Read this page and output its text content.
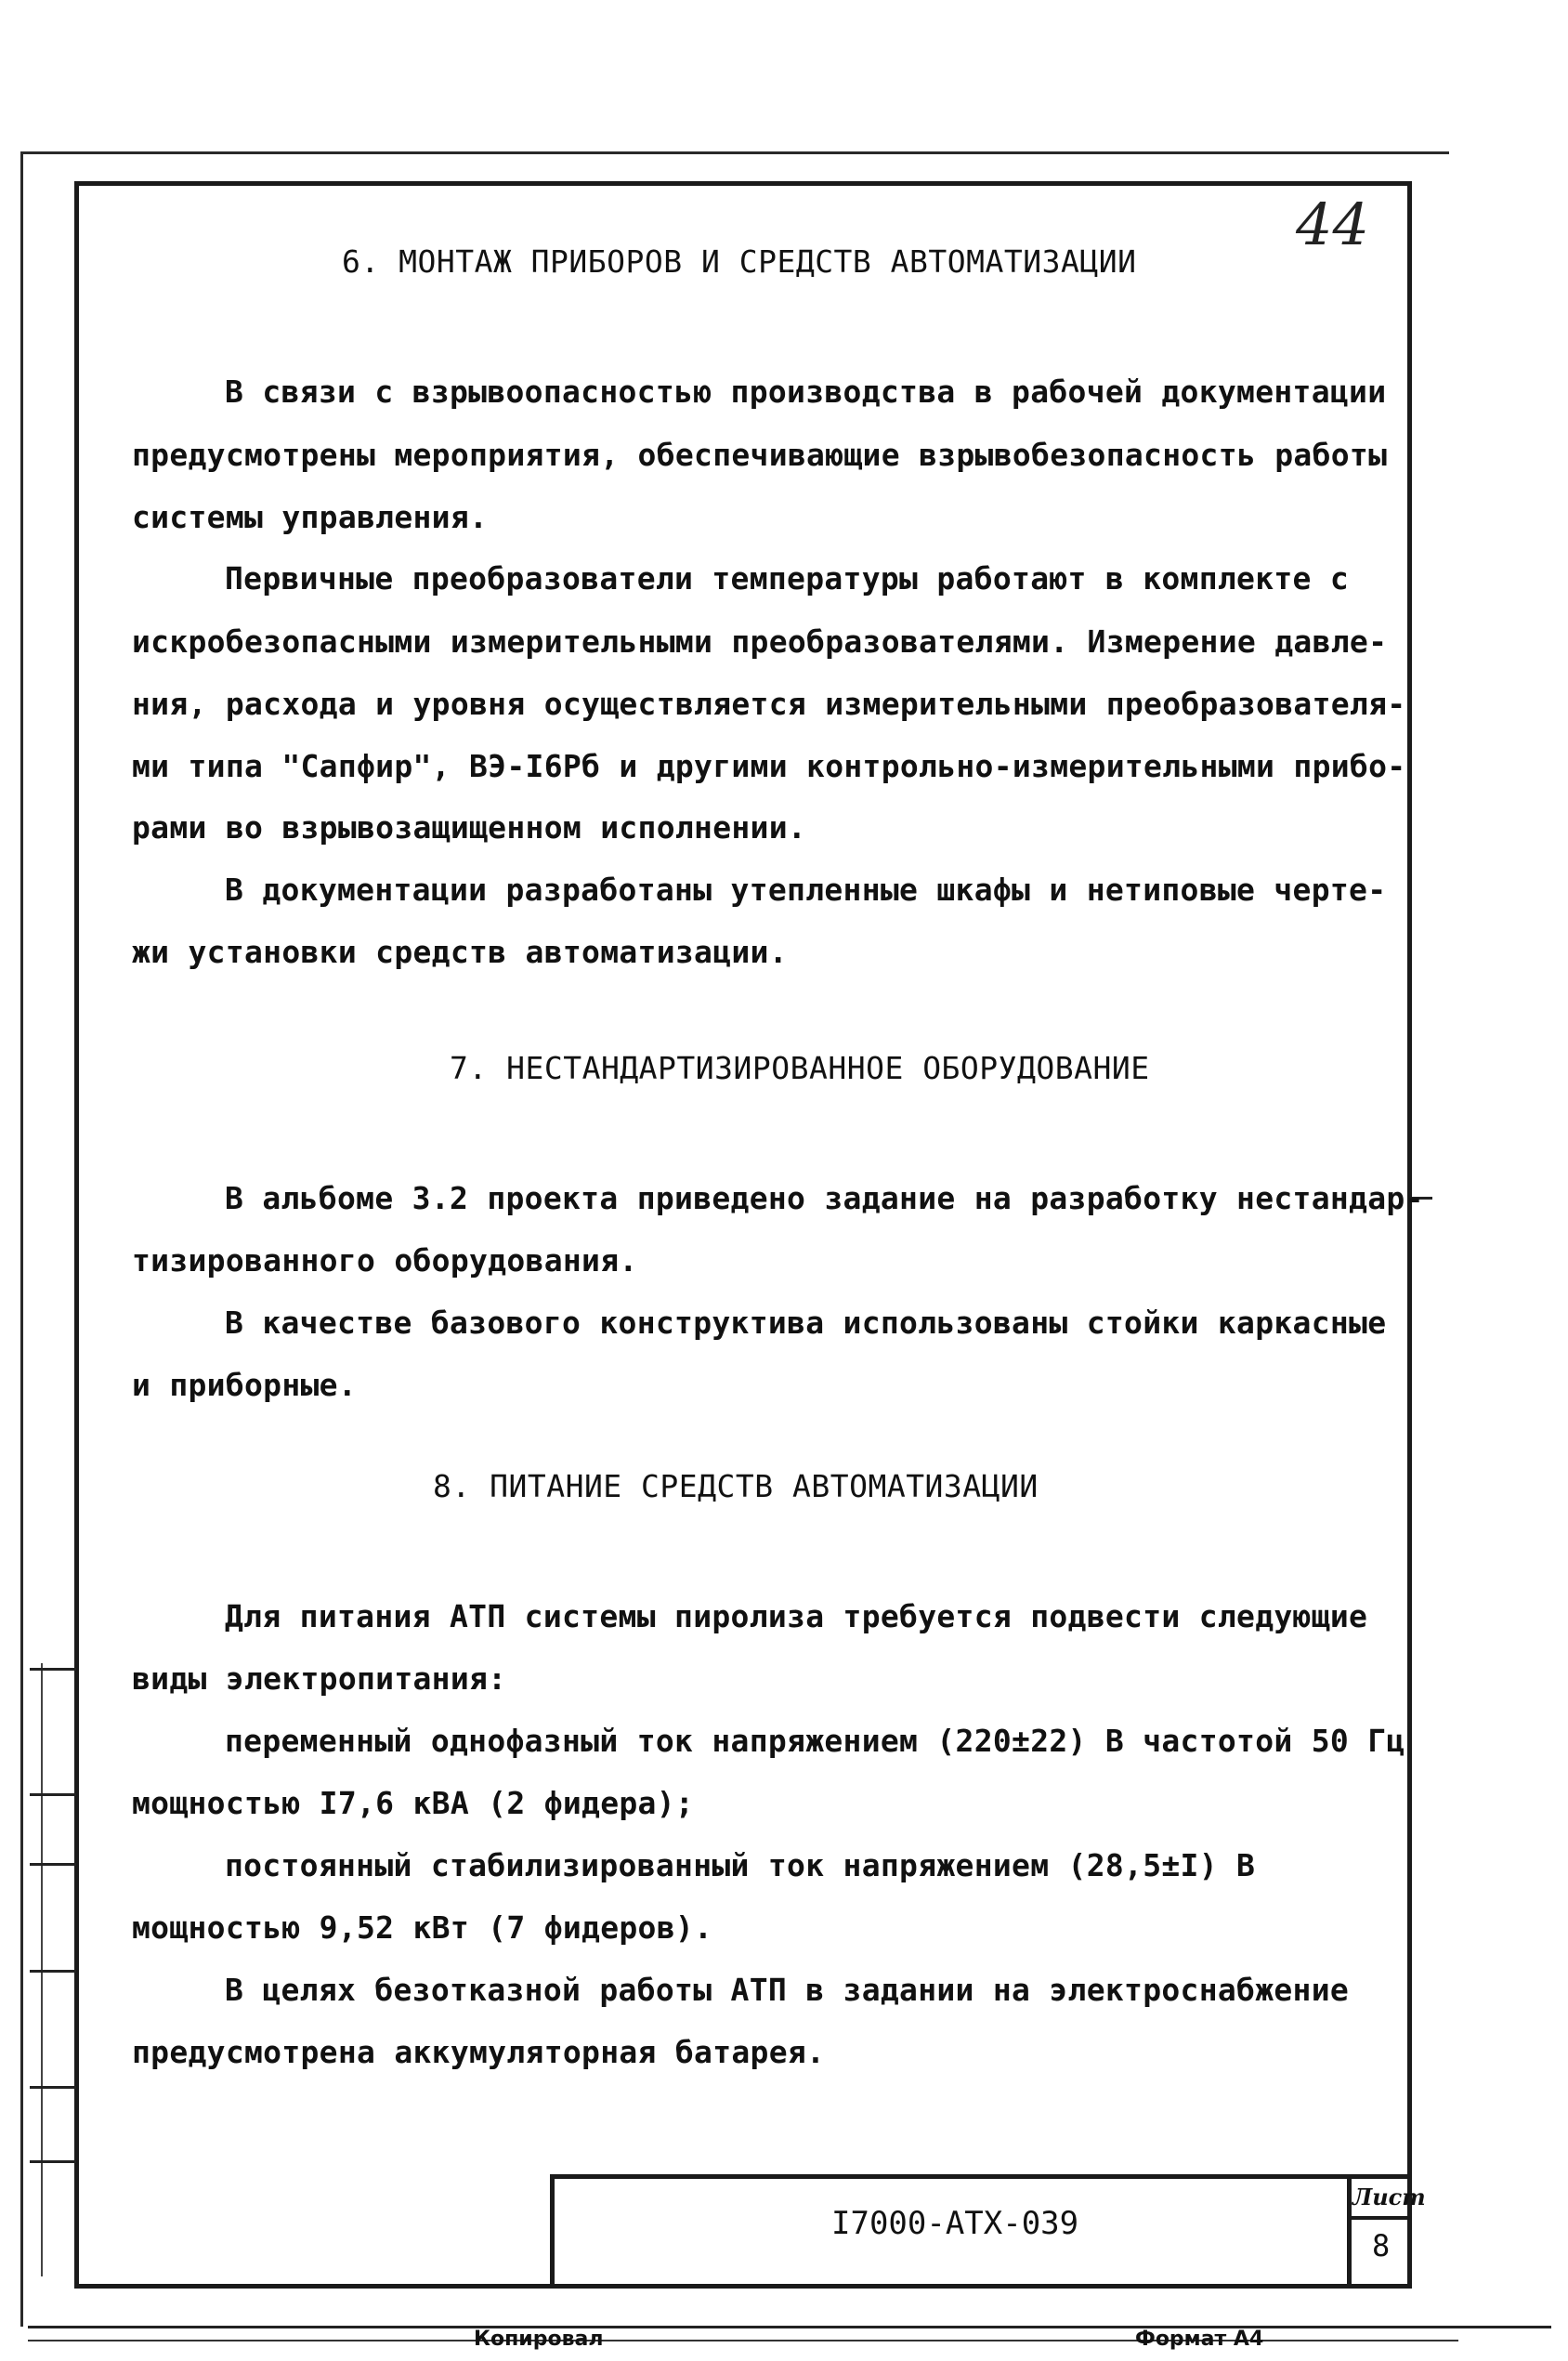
44
6. МОНТАЖ ПРИБОРОВ И СРЕДСТВ АВТОМАТИЗАЦИИ
В связи с взрывоопасностью производства в рабочей документации
предусмотрены мероприятия, обеспечивающие взрывобезопасность работы
системы управления.
Первичные преобразователи температуры работают в комплекте с
искробезопасными измерительными преобразователями. Измерение давле-
ния, расхода и уровня осуществляется измерительными преобразователя-
ми типа "Сапфир", ВЭ-I6Рб и другими контрольно-измерительными прибо-
рами во взрывозащищенном исполнении.
В документации разработаны утепленные шкафы и нетиповые черте-
жи установки средств автоматизации.
7. НЕСТАНДАРТИЗИРОВАННОЕ ОБОРУДОВАНИЕ
В альбоме 3.2 проекта приведено задание на разработку нестандар-
тизированного оборудования.
В качестве базового конструктива использованы стойки каркасные
и приборные.
8. ПИТАНИЕ СРЕДСТВ АВТОМАТИЗАЦИИ
Для питания АТП системы пиролиза требуется подвести следующие
виды электропитания:
переменный однофазный ток напряжением (220±22) В частотой 50 Гц
мощностью I7,6 кВА (2 фидера);
постоянный стабилизированный ток напряжением (28,5±I) В
мощностью 9,52 кВт (7 фидеров).
В целях безотказной работы АТП в задании на электроснабжение
предусмотрена аккумуляторная батарея.
I7000-АТХ-039
Лист
8
Копировал	Формат А4
